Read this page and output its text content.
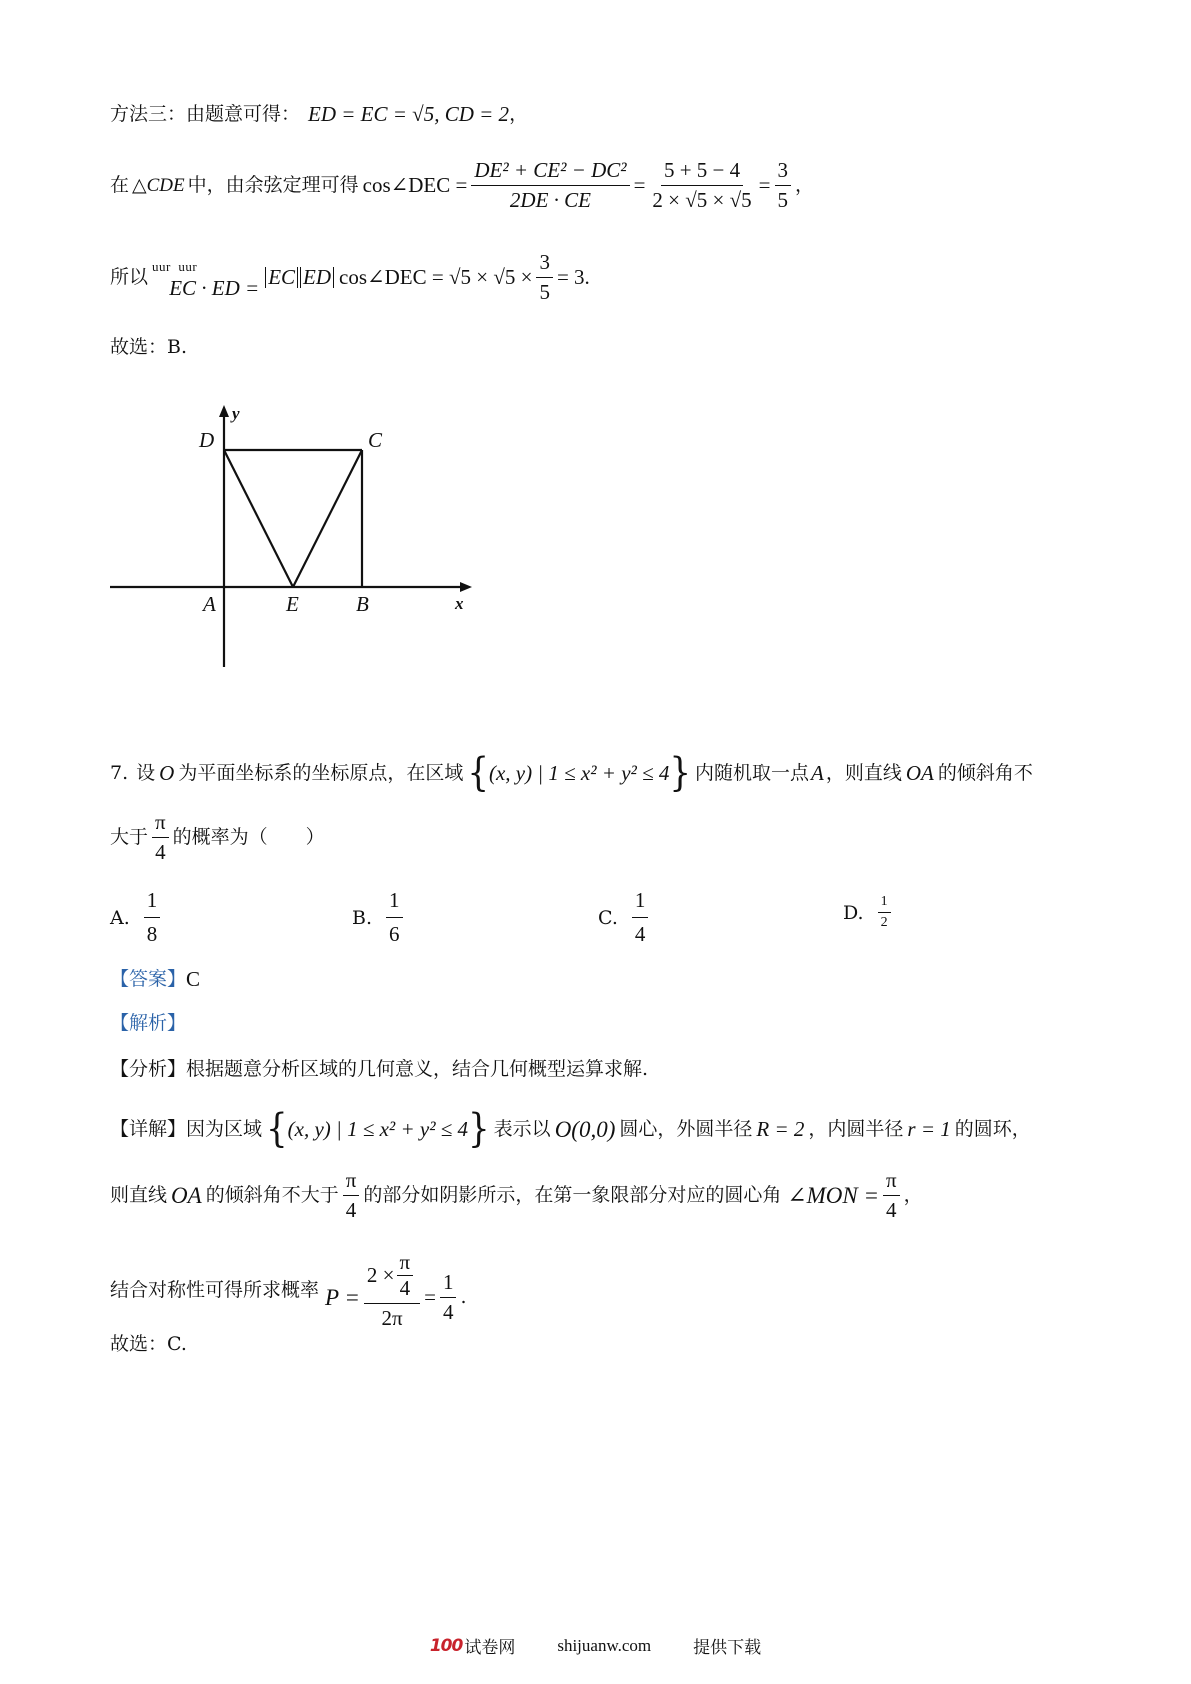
方法三：由题意可得： ED = EC = √5, CD = 2 ，
在 △CDE 中，由余弦定理可得 cos∠DEC = $\frac{\text{DE² + CE² − DC²}}{2DE \cdot CE} = \frac{5 + 5 - 4}{2 \times √5 \times √5} = \frac{3}{5}$ ，
所以 uur  uur
EC · ED = EC ED cos∠DEC = $√5 \times √5 \times \frac{3}{5} = 3$.
故选：B.
y
x
D	C
A	E	B
7. 设 O 为平面坐标系的坐标原点，在区域 { (x, y) | 1 ≤ x² + y² ≤ 4 } 内随机取一点 A ，则直线 OA 的倾斜角不
大于 $\frac{\pi}{4}$ 的概率为（　　）
A. $\frac{1}{8}$	B. $\frac{1}{6}$	C. $\frac{1}{4}$	D. $\frac{1}{2}$
【答案】 C
【解析】
【分析】 根据题意分析区域的几何意义，结合几何概型运算求解.
【详解】 因为区域 { (x, y) | 1 ≤ x² + y² ≤ 4 } 表示以 O(0,0) 圆心，外圆半径 R = 2 ，内圆半径 r = 1 的圆环，
则直线 OA 的倾斜角不大于 $\frac{\pi}{4}$ 的部分如阴影所示，在第一象限部分对应的圆心角 ∠MON = $\frac{\pi}{4}$ ，
结合对称性可得所求概率 $P = \frac{2 \times \frac{\pi}{4}}{2\pi} = \frac{1}{4}$ .
故选：C.
100 试卷网 shijuanw.com 提供下载
